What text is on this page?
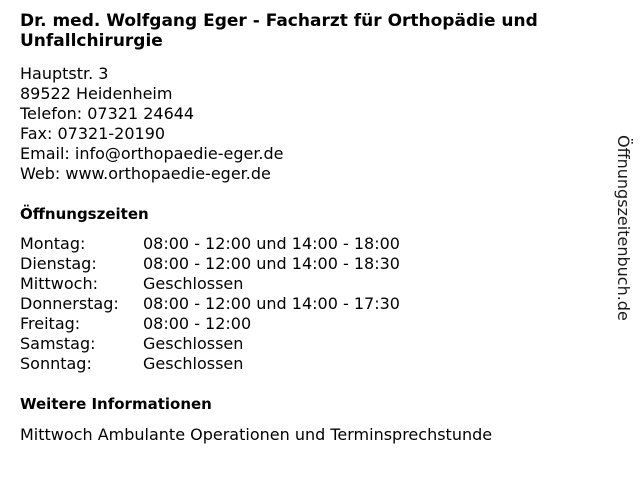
Dr. med. Wolfgang Eger - Facharzt für Orthopädie und Unfallchirurgie
Hauptstr. 3
89522 Heidenheim
Telefon: 07321 24644
Fax: 07321-20190
Email: info@orthopaedie-eger.de
Web: www.orthopaedie-eger.de
Öffnungszeiten
Montag:	08:00 - 12:00 und 14:00 - 18:00
Dienstag:	08:00 - 12:00 und 14:00 - 18:30
Mittwoch:	Geschlossen
Donnerstag:	08:00 - 12:00 und 14:00 - 17:30
Freitag:	08:00 - 12:00
Samstag:	Geschlossen
Sonntag:	Geschlossen
Weitere Informationen
Mittwoch Ambulante Operationen und Terminsprechstunde
Öffnungszeitenbuch.de
